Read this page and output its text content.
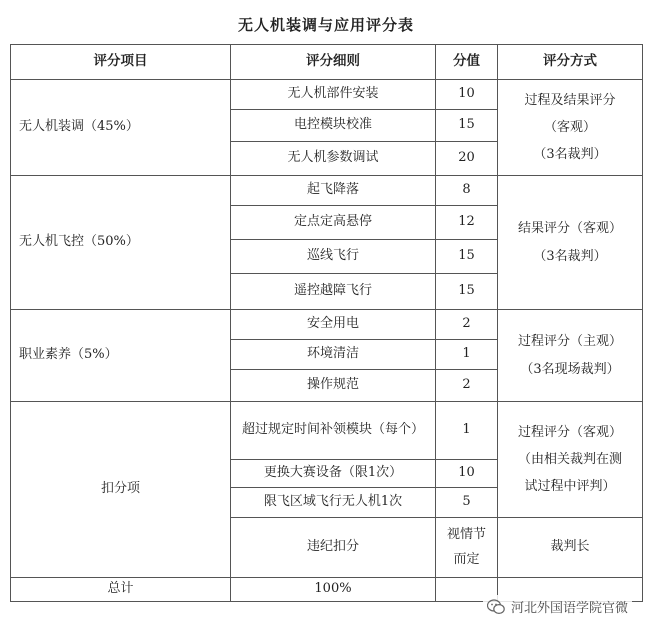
无人机装调与应用评分表
评分项目	评分细则	分值	评分方式
无人机装调（45%）	无人机部件安装	10	过程及结果评分
（客观）
（3名裁判）

	电控模块校准	15	
	无人机参数调试	20	
无人机飞控（50%）	起飞降落	8	结果评分（客观）
（3名裁判）

	定点定高悬停	12	
	巡线飞行	15	
	遥控越障飞行	15	
职业素养（5%）	安全用电	2	过程评分（主观）
（3名现场裁判）

	环境清洁	1	
	操作规范	2	
扣分项	超过规定时间补领模块（每个）	1	过程评分（客观）
（由相关裁判在测
试过程中评判）

	更换大赛设备（限1次）	10	
	限飞区域飞行无人机1次	5	
	违纪扣分	视情节而定	裁判长
总计	100%		
河北外国语学院官微
